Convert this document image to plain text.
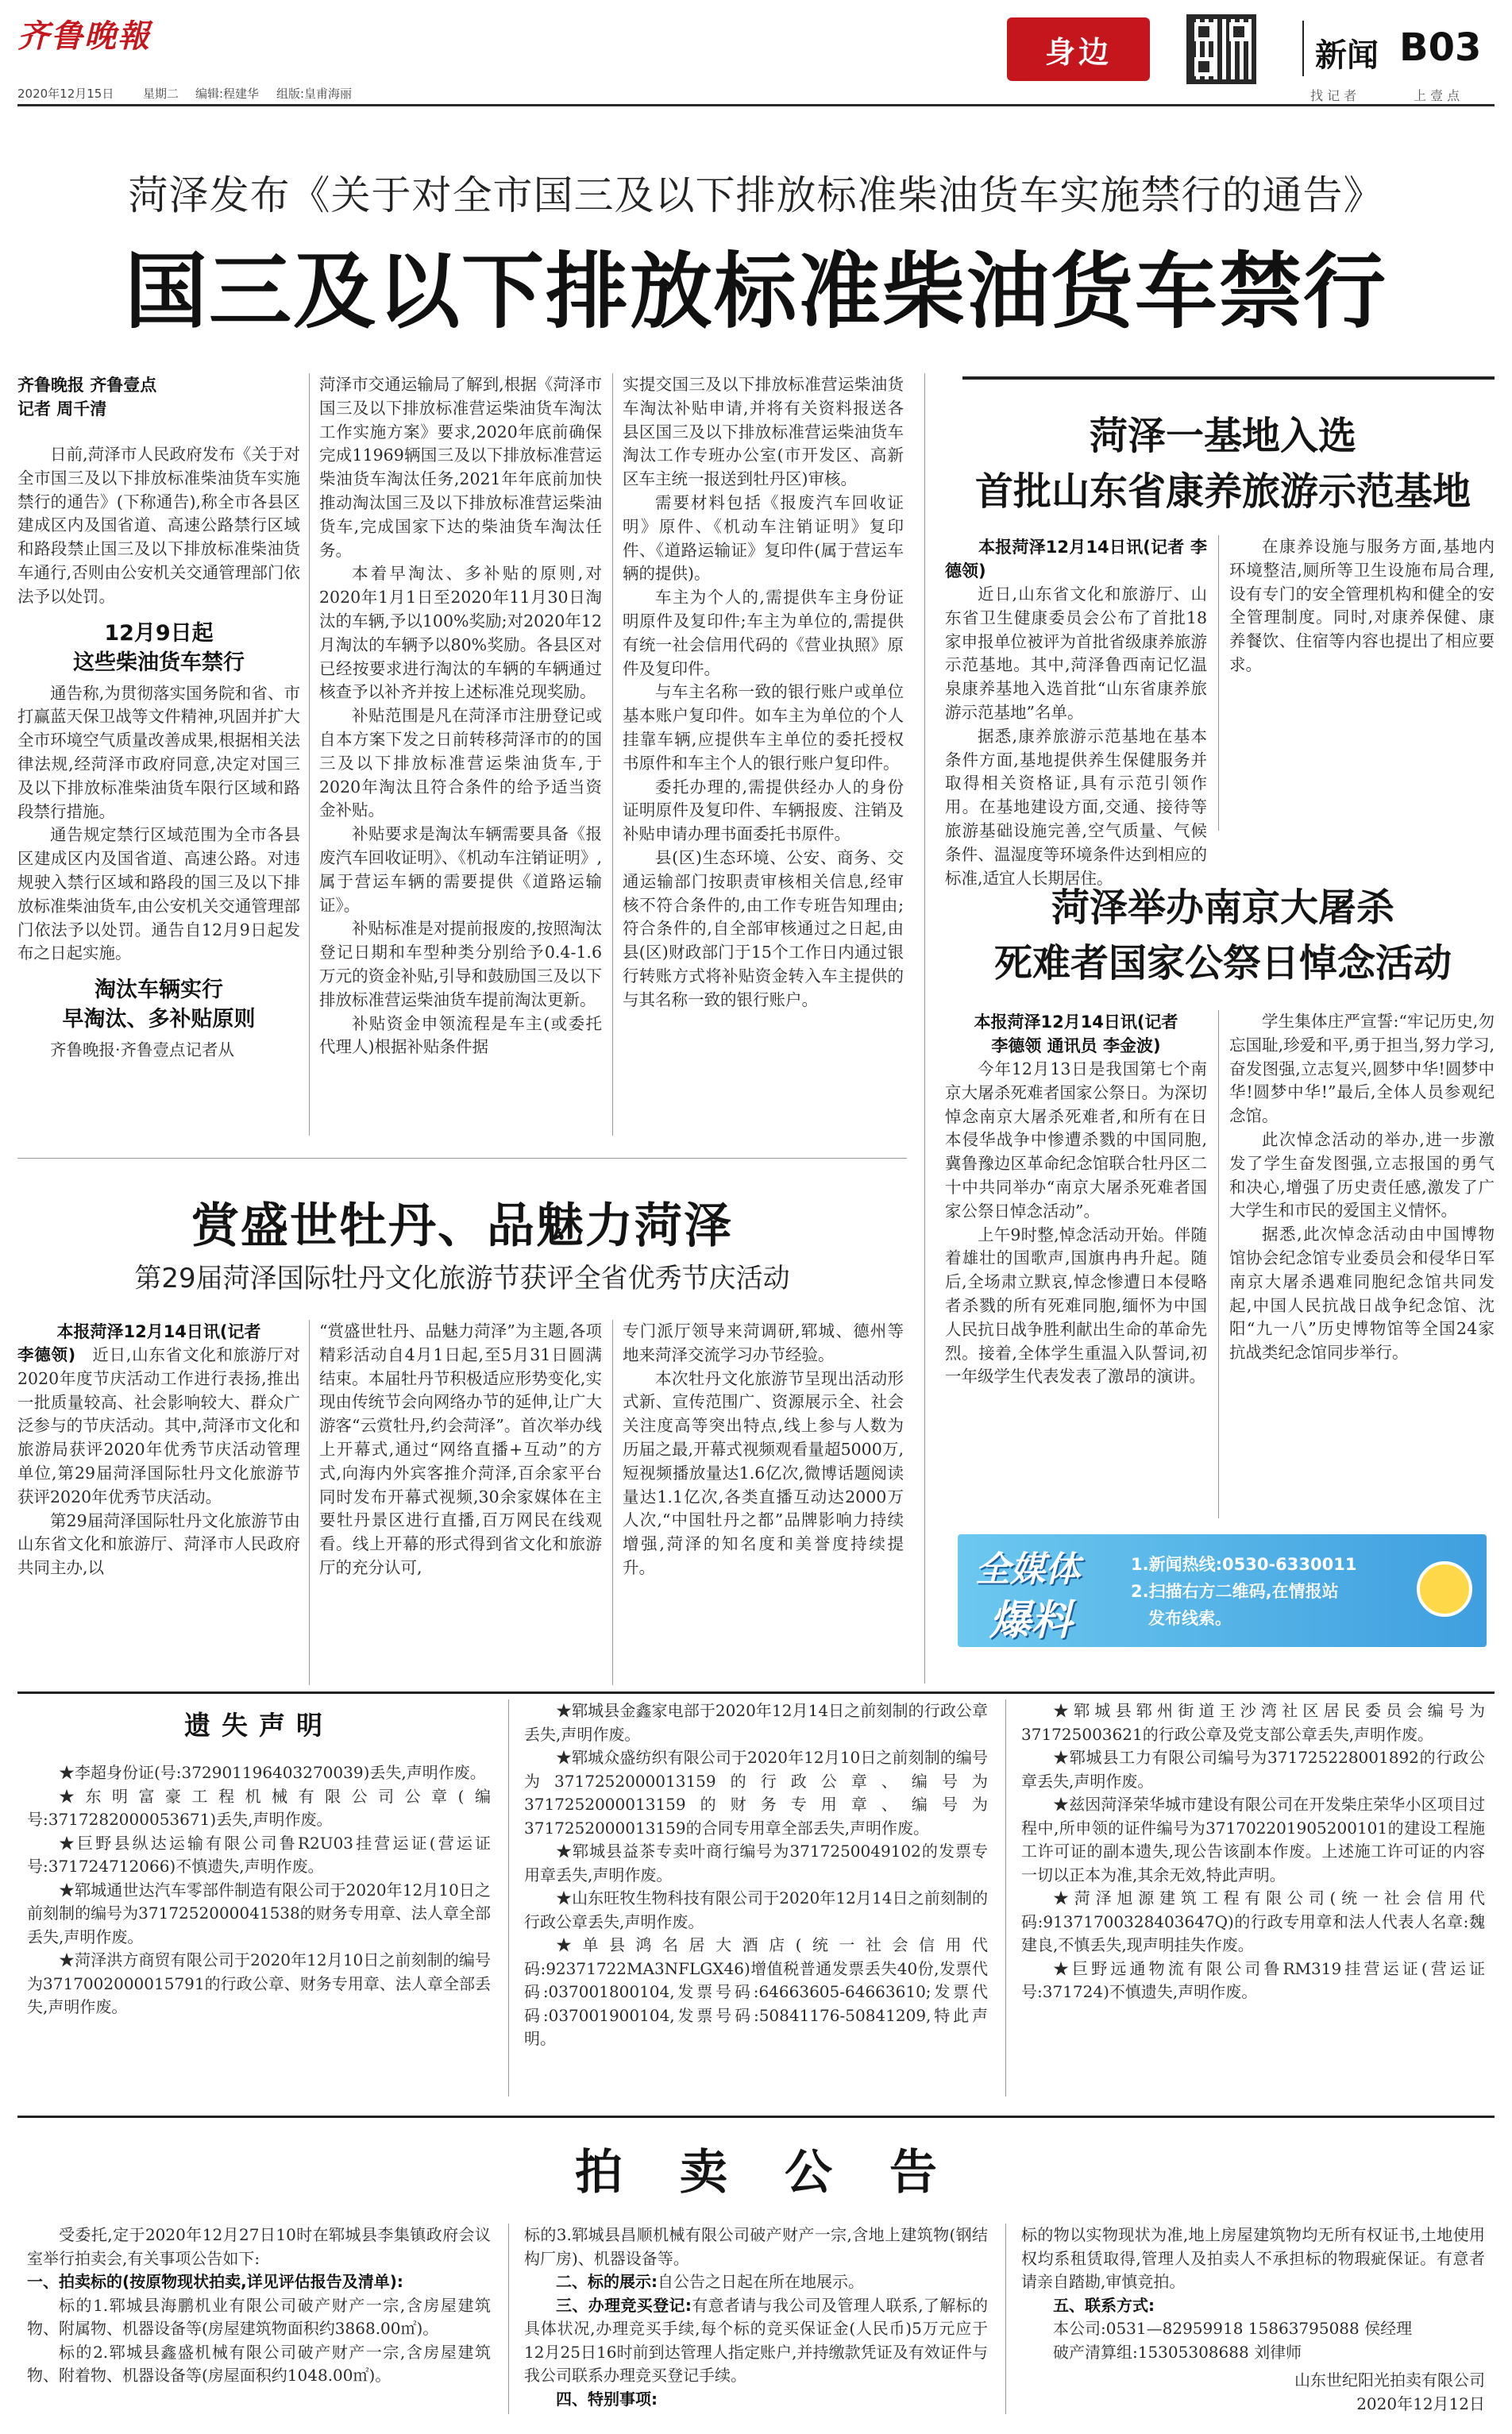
齐鲁晚報
2020年12月15日 星期二 编辑:程建华 组版:皇甫海丽
身边
找 记 者	上 壹 点
新闻 B03
菏泽发布《关于对全市国三及以下排放标准柴油货车实施禁行的通告》
国三及以下排放标准柴油货车禁行
齐鲁晚报 齐鲁壹点
记者 周千清

日前,菏泽市人民政府发布《关于对全市国三及以下排放标准柴油货车实施禁行的通告》(下称通告),称全市各县区建成区内及国省道、高速公路禁行区域和路段禁止国三及以下排放标准柴油货车通行,否则由公安机关交通管理部门依法予以处罚。

12月9日起
这些柴油货车禁行

通告称,为贯彻落实国务院和省、市打赢蓝天保卫战等文件精神,巩固并扩大全市环境空气质量改善成果,根据相关法律法规,经菏泽市政府同意,决定对国三及以下排放标准柴油货车限行区域和路段禁行措施。

通告规定禁行区域范围为全市各县区建成区内及国省道、高速公路。对违规驶入禁行区域和路段的国三及以下排放标准柴油货车,由公安机关交通管理部门依法予以处罚。通告自12月9日起发布之日起实施。

淘汰车辆实行
早淘汰、多补贴原则

齐鲁晚报·齐鲁壹点记者从

菏泽市交通运输局了解到,根据《菏泽市国三及以下排放标准营运柴油货车淘汰工作实施方案》要求,2020年底前确保完成11969辆国三及以下排放标准营运柴油货车淘汰任务,2021年年底前加快推动淘汰国三及以下排放标准营运柴油货车,完成国家下达的柴油货车淘汰任务。

本着早淘汰、多补贴的原则,对2020年1月1日至2020年11月30日淘汰的车辆,予以100%奖励;对2020年12月淘汰的车辆予以80%奖励。各县区对已经按要求进行淘汰的车辆的车辆通过核查予以补齐并按上述标准兑现奖励。

补贴范围是凡在菏泽市注册登记或自本方案下发之日前转移菏泽市的的国三及以下排放标准营运柴油货车,于2020年淘汰且符合条件的给予适当资金补贴。

补贴要求是淘汰车辆需要具备《报废汽车回收证明》、《机动车注销证明》,属于营运车辆的需要提供《道路运输证》。

补贴标准是对提前报废的,按照淘汰登记日期和车型种类分别给予0.4-1.6万元的资金补贴,引导和鼓励国三及以下排放标准营运柴油货车提前淘汰更新。

补贴资金申领流程是车主(或委托代理人)根据补贴条件据

实提交国三及以下排放标准营运柴油货车淘汰补贴申请,并将有关资料报送各县区国三及以下排放标准营运柴油货车淘汰工作专班办公室(市开发区、高新区车主统一报送到牡丹区)审核。

需要材料包括《报废汽车回收证明》原件、《机动车注销证明》复印件、《道路运输证》复印件(属于营运车辆的提供)。

车主为个人的,需提供车主身份证明原件及复印件;车主为单位的,需提供有统一社会信用代码的《营业执照》原件及复印件。

与车主名称一致的银行账户或单位基本账户复印件。如车主为单位的个人挂靠车辆,应提供车主单位的委托授权书原件和车主个人的银行账户复印件。

委托办理的,需提供经办人的身份证明原件及复印件、车辆报废、注销及补贴申请办理书面委托书原件。

县(区)生态环境、公安、商务、交通运输部门按职责审核相关信息,经审核不符合条件的,由工作专班告知理由;符合条件的,自全部审核通过之日起,由县(区)财政部门于15个工作日内通过银行转账方式将补贴资金转入车主提供的与其名称一致的银行账户。

菏泽一基地入选
首批山东省康养旅游示范基地

本报菏泽12月14日讯(记者 李德领)

近日,山东省文化和旅游厅、山东省卫生健康委员会公布了首批18家申报单位被评为首批省级康养旅游示范基地。其中,菏泽鲁西南记忆温泉康养基地入选首批“山东省康养旅游示范基地”名单。

据悉,康养旅游示范基地在基本条件方面,基地提供养生保健服务并取得相关资格证,具有示范引领作用。在基地建设方面,交通、接待等旅游基础设施完善,空气质量、气候条件、温湿度等环境条件达到相应的标准,适宜人长期居住。

在康养设施与服务方面,基地内环境整洁,厕所等卫生设施布局合理,设有专门的安全管理机构和健全的安全管理制度。同时,对康养保健、康养餐饮、住宿等内容也提出了相应要求。

菏泽举办南京大屠杀
死难者国家公祭日悼念活动
本报菏泽12月14日讯(记者
李德领 通讯员 李金波)

今年12月13日是我国第七个南京大屠杀死难者国家公祭日。为深切悼念南京大屠杀死难者,和所有在日本侵华战争中惨遭杀戮的中国同胞,冀鲁豫边区革命纪念馆联合牡丹区二十中共同举办“南京大屠杀死难者国家公祭日悼念活动”。

上午9时整,悼念活动开始。伴随着雄壮的国歌声,国旗冉冉升起。随后,全场肃立默哀,悼念惨遭日本侵略者杀戮的所有死难同胞,缅怀为中国人民抗日战争胜利献出生命的革命先烈。接着,全体学生重温入队誓词,初一年级学生代表发表了激昂的演讲。

学生集体庄严宣誓:“牢记历史,勿忘国耻,珍爱和平,勇于担当,努力学习,奋发图强,立志复兴,圆梦中华!圆梦中华!圆梦中华!”最后,全体人员参观纪念馆。

此次悼念活动的举办,进一步激发了学生奋发图强,立志报国的勇气和决心,增强了历史责任感,激发了广大学生和市民的爱国主义情怀。

据悉,此次悼念活动由中国博物馆协会纪念馆专业委员会和侵华日军南京大屠杀遇难同胞纪念馆共同发起,中国人民抗战日战争纪念馆、沈阳“九一八”历史博物馆等全国24家抗战类纪念馆同步举行。

全媒体
爆料
1.新闻热线:0530-6330011
2.扫描右方二维码,在情报站
发布线索。
赏盛世牡丹、品魅力菏泽
第29届菏泽国际牡丹文化旅游节获评全省优秀节庆活动
本报菏泽12月14日讯(记者

李德领)  近日,山东省文化和旅游厅对2020年度节庆活动工作进行表扬,推出一批质量较高、社会影响较大、群众广泛参与的节庆活动。其中,菏泽市文化和旅游局获评2020年优秀节庆活动管理单位,第29届菏泽国际牡丹文化旅游节获评2020年优秀节庆活动。

第29届菏泽国际牡丹文化旅游节由山东省文化和旅游厅、菏泽市人民政府共同主办,以

“赏盛世牡丹、品魅力菏泽”为主题,各项精彩活动自4月1日起,至5月31日圆满结束。本届牡丹节积极适应形势变化,实现由传统节会向网络办节的延伸,让广大游客“云赏牡丹,约会菏泽”。首次举办线上开幕式,通过“网络直播+互动”的方式,向海内外宾客推介菏泽,百余家平台同时发布开幕式视频,30余家媒体在主要牡丹景区进行直播,百万网民在线观看。线上开幕的形式得到省文化和旅游厅的充分认可,

专门派厅领导来菏调研,郓城、德州等地来菏泽交流学习办节经验。

本次牡丹文化旅游节呈现出活动形式新、宣传范围广、资源展示全、社会关注度高等突出特点,线上参与人数为历届之最,开幕式视频观看量超5000万,短视频播放量达1.6亿次,微博话题阅读量达1.1亿次,各类直播互动达2000万人次,“中国牡丹之都”品牌影响力持续增强,菏泽的知名度和美誉度持续提升。

遗失声明

★李超身份证(号:372901196403270039)丢失,声明作废。

★东明富豪工程机械有限公司公章(编号:3717282000053671)丢失,声明作废。

★巨野县纵达运输有限公司鲁R2U03挂营运证(营运证号:371724712066)不慎遗失,声明作废。

★郓城通世达汽车零部件制造有限公司于2020年12月10日之前刻制的编号为3717252000041538的财务专用章、法人章全部丢失,声明作废。

★菏泽洪方商贸有限公司于2020年12月10日之前刻制的编号为3717002000015791的行政公章、财务专用章、法人章全部丢失,声明作废。

★郓城县金鑫家电部于2020年12月14日之前刻制的行政公章丢失,声明作废。

★郓城众盛纺织有限公司于2020年12月10日之前刻制的编号为3717252000013159的行政公章、编号为3717252000013159的财务专用章、编号为3717252000013159的合同专用章全部丢失,声明作废。

★郓城县益茶专卖叶商行编号为3717250049102的发票专用章丢失,声明作废。

★山东旺牧生物科技有限公司于2020年12月14日之前刻制的行政公章丢失,声明作废。

★单县鸿名居大酒店(统一社会信用代码:92371722MA3NFLGX46)增值税普通发票丢失40份,发票代码:037001800104,发票号码:64663605-64663610;发票代码:037001900104,发票号码:50841176-50841209,特此声明。

★郓城县郓州街道王沙湾社区居民委员会编号为371725003621的行政公章及党支部公章丢失,声明作废。

★郓城县工力有限公司编号为371725228001892的行政公章丢失,声明作废。

★兹因菏泽荣华城市建设有限公司在开发柴庄荣华小区项目过程中,所申领的证件编号为371702201905200101的建设工程施工许可证的副本遗失,现公告该副本作废。上述施工许可证的内容一切以正本为准,其余无效,特此声明。

★菏泽旭源建筑工程有限公司(统一社会信用代码:91371700328403647Q)的行政专用章和法人代表人名章:魏建良,不慎丢失,现声明挂失作废。

★巨野远通物流有限公司鲁RM319挂营运证(营运证号:371724)不慎遗失,声明作废。

拍卖公告

受委托,定于2020年12月27日10时在郓城县李集镇政府会议室举行拍卖会,有关事项公告如下:

一、拍卖标的(按原物现状拍卖,详见评估报告及清单):

标的1.郓城县海鹏机业有限公司破产财产一宗,含房屋建筑物、附属物、机器设备等(房屋建筑物面积约3868.00㎡)。

标的2.郓城县鑫盛机械有限公司破产财产一宗,含房屋建筑物、附着物、机器设备等(房屋面积约1048.00㎡)。

标的3.郓城县昌顺机械有限公司破产财产一宗,含地上建筑物(钢结构厂房)、机器设备等。

二、标的展示:自公告之日起在所在地展示。

三、办理竞买登记:有意者请与我公司及管理人联系,了解标的具体状况,办理竞买手续,每个标的竞买保证金(人民币)5万元应于12月25日16时前到达管理人指定账户,并持缴款凭证及有效证件与我公司联系办理竞买登记手续。

四、特别事项:

标的物以实物现状为准,地上房屋建筑物均无所有权证书,土地使用权均系租赁取得,管理人及拍卖人不承担标的物瑕疵保证。有意者请亲自踏勘,审慎竞拍。

五、联系方式:

本公司:0531—82959918 15863795088 侯经理

破产清算组:15305308688 刘律师

山东世纪阳光拍卖有限公司

2020年12月12日
